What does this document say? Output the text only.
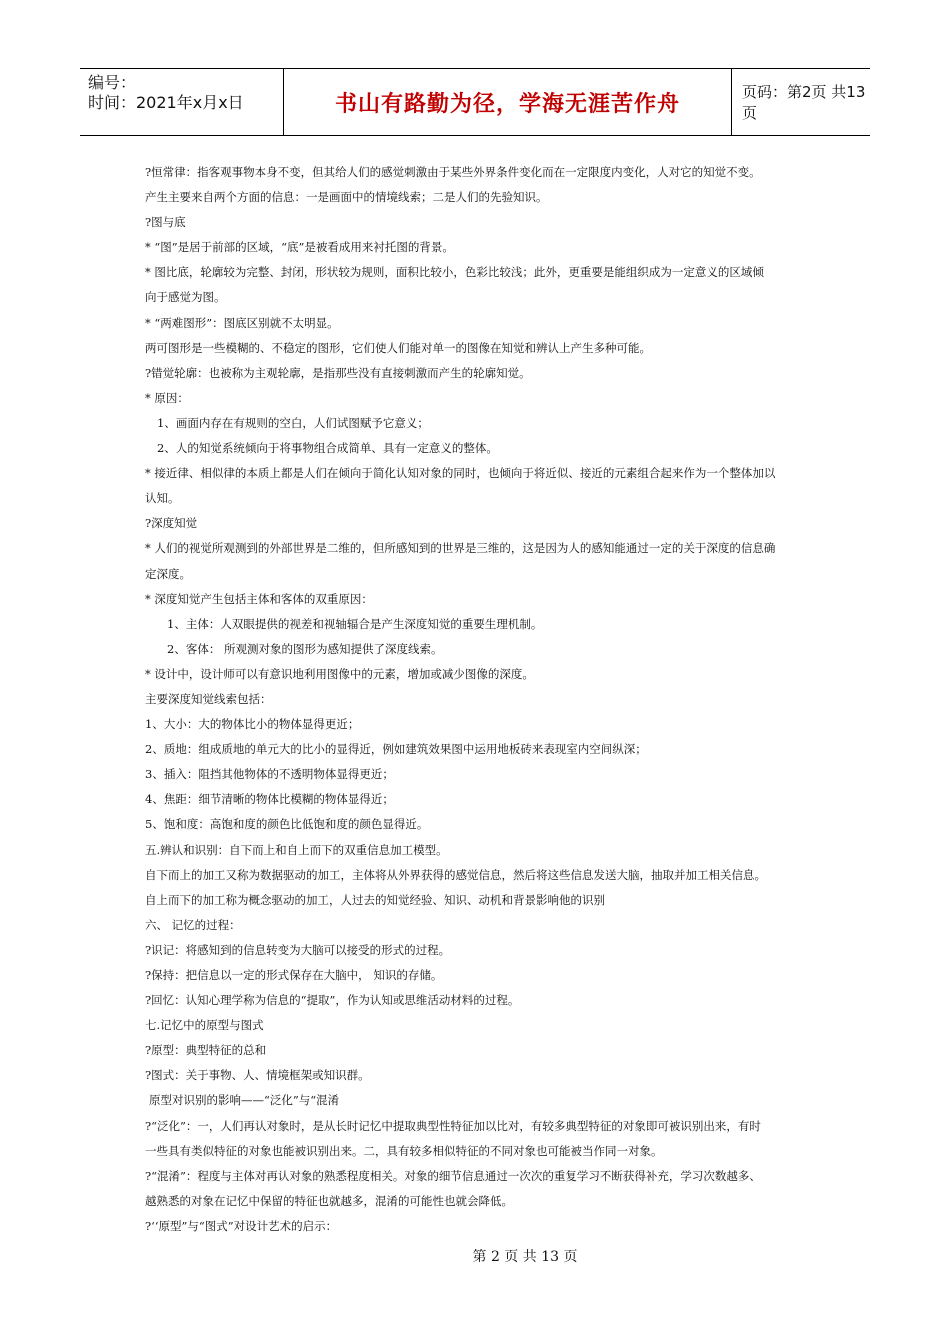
编号：
时间：2021年x月x日	书山有路勤为径，学海无涯苦作舟	页码：第2页 共13页
?恒常律：指客观事物本身不变，但其给人们的感觉刺激由于某些外界条件变化而在一定限度内变化，人对它的知觉不变。
产生主要来自两个方面的信息：一是画面中的情境线索；二是人们的先验知识。
?图与底
* “图”是居于前部的区域，“底”是被看成用来衬托图的背景。
* 图比底，轮廓较为完整、封闭，形状较为规则，面积比较小，色彩比较浅；此外，更重要是能组织成为一定意义的区域倾
向于感觉为图。
* “两难图形”：图底区别就不太明显。
两可图形是一些模糊的、不稳定的图形，它们使人们能对单一的图像在知觉和辨认上产生多种可能。
?错觉轮廓：也被称为主观轮廓，是指那些没有直接刺激而产生的轮廓知觉。
* 原因：
1、画面内存在有规则的空白，人们试图赋予它意义；
2、人的知觉系统倾向于将事物组合成简单、具有一定意义的整体。
* 接近律、相似律的本质上都是人们在倾向于简化认知对象的同时，也倾向于将近似、接近的元素组合起来作为一个整体加以
认知。
?深度知觉
* 人们的视觉所观测到的外部世界是二维的，但所感知到的世界是三维的，这是因为人的感知能通过一定的关于深度的信息确
定深度。
* 深度知觉产生包括主体和客体的双重原因：
1、主体：人双眼提供的视差和视轴辐合是产生深度知觉的重要生理机制。
2、客体： 所观测对象的图形为感知提供了深度线索。
* 设计中，设计师可以有意识地利用图像中的元素，增加或减少图像的深度。
主要深度知觉线索包括：
1、大小：大的物体比小的物体显得更近；
2、质地：组成质地的单元大的比小的显得近，例如建筑效果图中运用地板砖来表现室内空间纵深；
3、插入：阻挡其他物体的不透明物体显得更近；
4、焦距：细节清晰的物体比模糊的物体显得近；
5、饱和度：高饱和度的颜色比低饱和度的颜色显得近。
五.辨认和识别：自下而上和自上而下的双重信息加工模型。
自下而上的加工又称为数据驱动的加工，主体将从外界获得的感觉信息，然后将这些信息发送大脑，抽取并加工相关信息。
自上而下的加工称为概念驱动的加工，人过去的知觉经验、知识、动机和背景影响他的识别
六、 记忆的过程：
?识记：将感知到的信息转变为大脑可以接受的形式的过程。
?保持：把信息以一定的形式保存在大脑中， 知识的存储。
?回忆：认知心理学称为信息的“提取”，作为认知或思维活动材料的过程。
七.记忆中的原型与图式
?原型：典型特征的总和
?图式：关于事物、人、情境框架或知识群。
原型对识别的影响——“泛化”与“混淆
?“泛化”：一，人们再认对象时，是从长时记忆中提取典型性特征加以比对，有较多典型特征的对象即可被识别出来，有时
一些具有类似特征的对象也能被识别出来。二，具有较多相似特征的不同对象也可能被当作同一对象。
?“混淆”：程度与主体对再认对象的熟悉程度相关。对象的细节信息通过一次次的重复学习不断获得补充，学习次数越多、
越熟悉的对象在记忆中保留的特征也就越多，混淆的可能性也就会降低。
?‘‘原型”与“图式”对设计艺术的启示：
第 2 页 共 13 页
